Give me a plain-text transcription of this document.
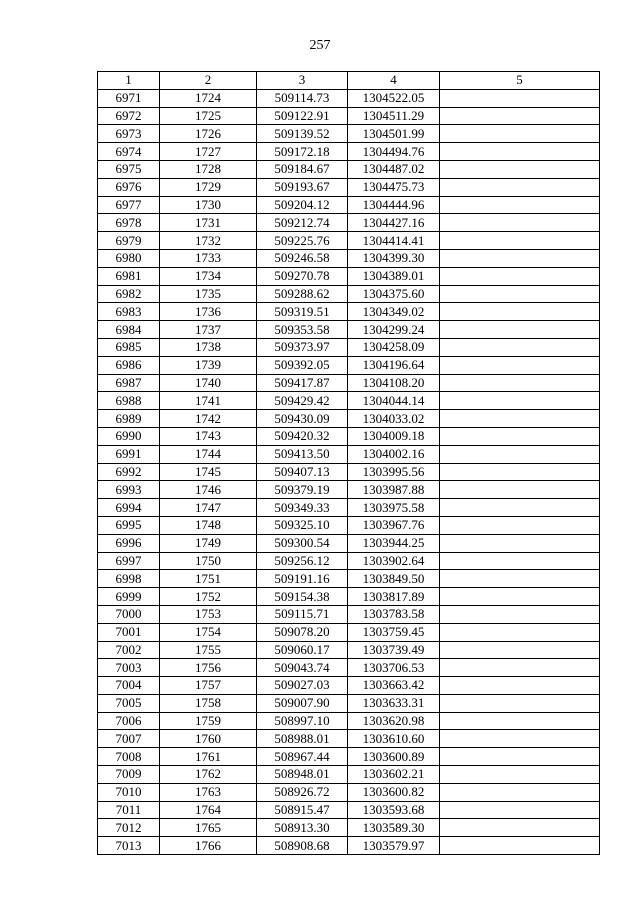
257
1	2	3	4	5
6971	1724	509114.73	1304522.05	
6972	1725	509122.91	1304511.29	
6973	1726	509139.52	1304501.99	
6974	1727	509172.18	1304494.76	
6975	1728	509184.67	1304487.02	
6976	1729	509193.67	1304475.73	
6977	1730	509204.12	1304444.96	
6978	1731	509212.74	1304427.16	
6979	1732	509225.76	1304414.41	
6980	1733	509246.58	1304399.30	
6981	1734	509270.78	1304389.01	
6982	1735	509288.62	1304375.60	
6983	1736	509319.51	1304349.02	
6984	1737	509353.58	1304299.24	
6985	1738	509373.97	1304258.09	
6986	1739	509392.05	1304196.64	
6987	1740	509417.87	1304108.20	
6988	1741	509429.42	1304044.14	
6989	1742	509430.09	1304033.02	
6990	1743	509420.32	1304009.18	
6991	1744	509413.50	1304002.16	
6992	1745	509407.13	1303995.56	
6993	1746	509379.19	1303987.88	
6994	1747	509349.33	1303975.58	
6995	1748	509325.10	1303967.76	
6996	1749	509300.54	1303944.25	
6997	1750	509256.12	1303902.64	
6998	1751	509191.16	1303849.50	
6999	1752	509154.38	1303817.89	
7000	1753	509115.71	1303783.58	
7001	1754	509078.20	1303759.45	
7002	1755	509060.17	1303739.49	
7003	1756	509043.74	1303706.53	
7004	1757	509027.03	1303663.42	
7005	1758	509007.90	1303633.31	
7006	1759	508997.10	1303620.98	
7007	1760	508988.01	1303610.60	
7008	1761	508967.44	1303600.89	
7009	1762	508948.01	1303602.21	
7010	1763	508926.72	1303600.82	
7011	1764	508915.47	1303593.68	
7012	1765	508913.30	1303589.30	
7013	1766	508908.68	1303579.97	
